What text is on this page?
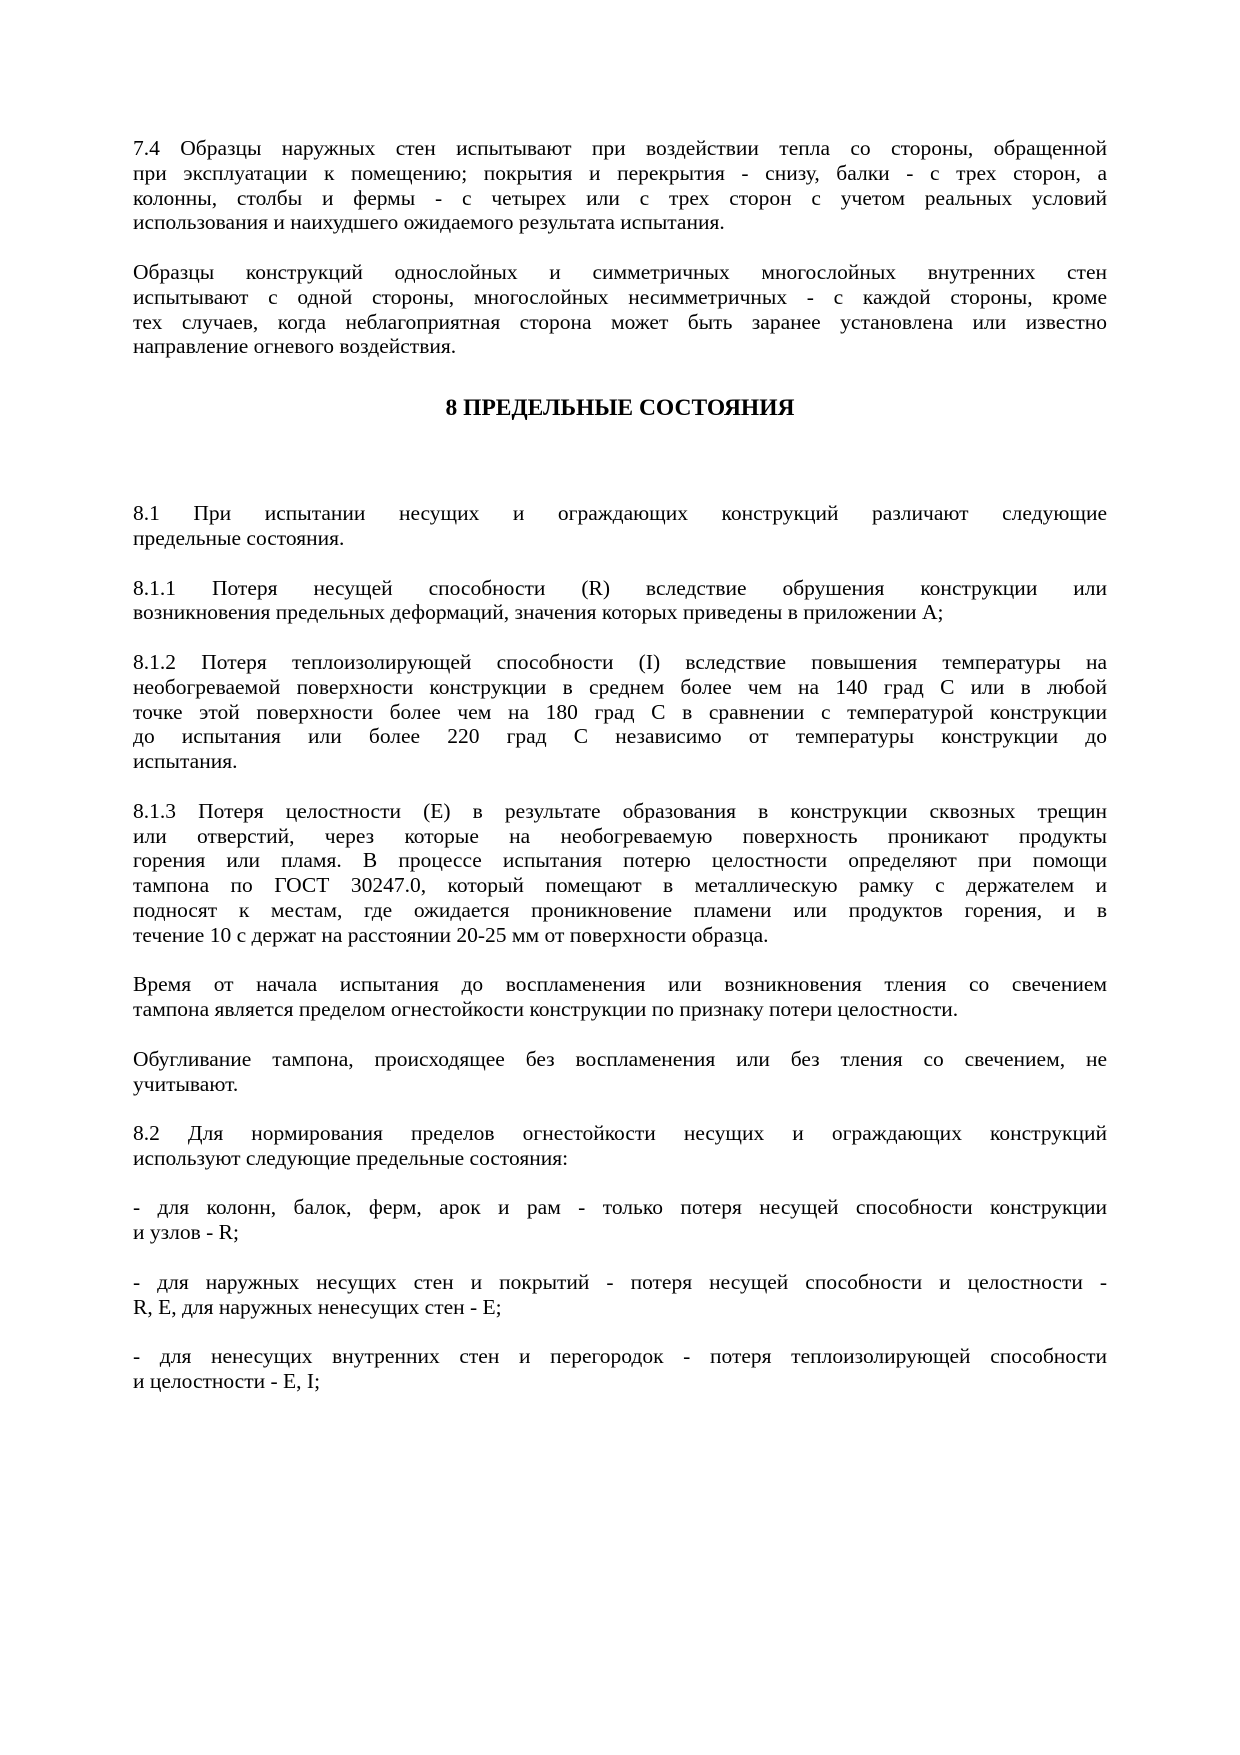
7.4 Образцы наружных стен испытывают при воздействии тепла со стороны, обращенной
при эксплуатации к помещению; покрытия и перекрытия - снизу, балки - с трех сторон, а
колонны, столбы и фермы - с четырех или с трех сторон с учетом реальных условий
использования и наихудшего ожидаемого результата испытания.

Образцы конструкций однослойных и симметричных многослойных внутренних стен
испытывают с одной стороны, многослойных несимметричных - с каждой стороны, кроме
тех случаев, когда неблагоприятная сторона может быть заранее установлена или известно
направление огневого воздействия.

8 ПРЕДЕЛЬНЫЕ СОСТОЯНИЯ

8.1 При испытании несущих и ограждающих конструкций различают следующие
предельные состояния.

8.1.1 Потеря несущей способности (R) вследствие обрушения конструкции или
возникновения предельных деформаций, значения которых приведены в приложении А;

8.1.2 Потеря теплоизолирующей способности (I) вследствие повышения температуры на
необогреваемой поверхности конструкции в среднем более чем на 140 град С или в любой
точке этой поверхности более чем на 180 град С в сравнении с температурой конструкции
до испытания или более 220 град С независимо от температуры конструкции до
испытания.

8.1.3 Потеря целостности (Е) в результате образования в конструкции сквозных трещин
или отверстий, через которые на необогреваемую поверхность проникают продукты
горения или пламя. В процессе испытания потерю целостности определяют при помощи
тампона по ГОСТ 30247.0, который помещают в металлическую рамку с держателем и
подносят к местам, где ожидается проникновение пламени или продуктов горения, и в
течение 10 с держат на расстоянии 20-25 мм от поверхности образца.

Время от начала испытания до воспламенения или возникновения тления со свечением
тампона является пределом огнестойкости конструкции по признаку потери целостности.

Обугливание тампона, происходящее без воспламенения или без тления со свечением, не
учитывают.

8.2 Для нормирования пределов огнестойкости несущих и ограждающих конструкций
используют следующие предельные состояния:

- для колонн, балок, ферм, арок и рам - только потеря несущей способности конструкции
и узлов - R;

- для наружных несущих стен и покрытий - потеря несущей способности и целостности -
R, E, для наружных ненесущих стен - E;

- для ненесущих внутренних стен и перегородок - потеря теплоизолирующей способности
и целостности - E, I;
